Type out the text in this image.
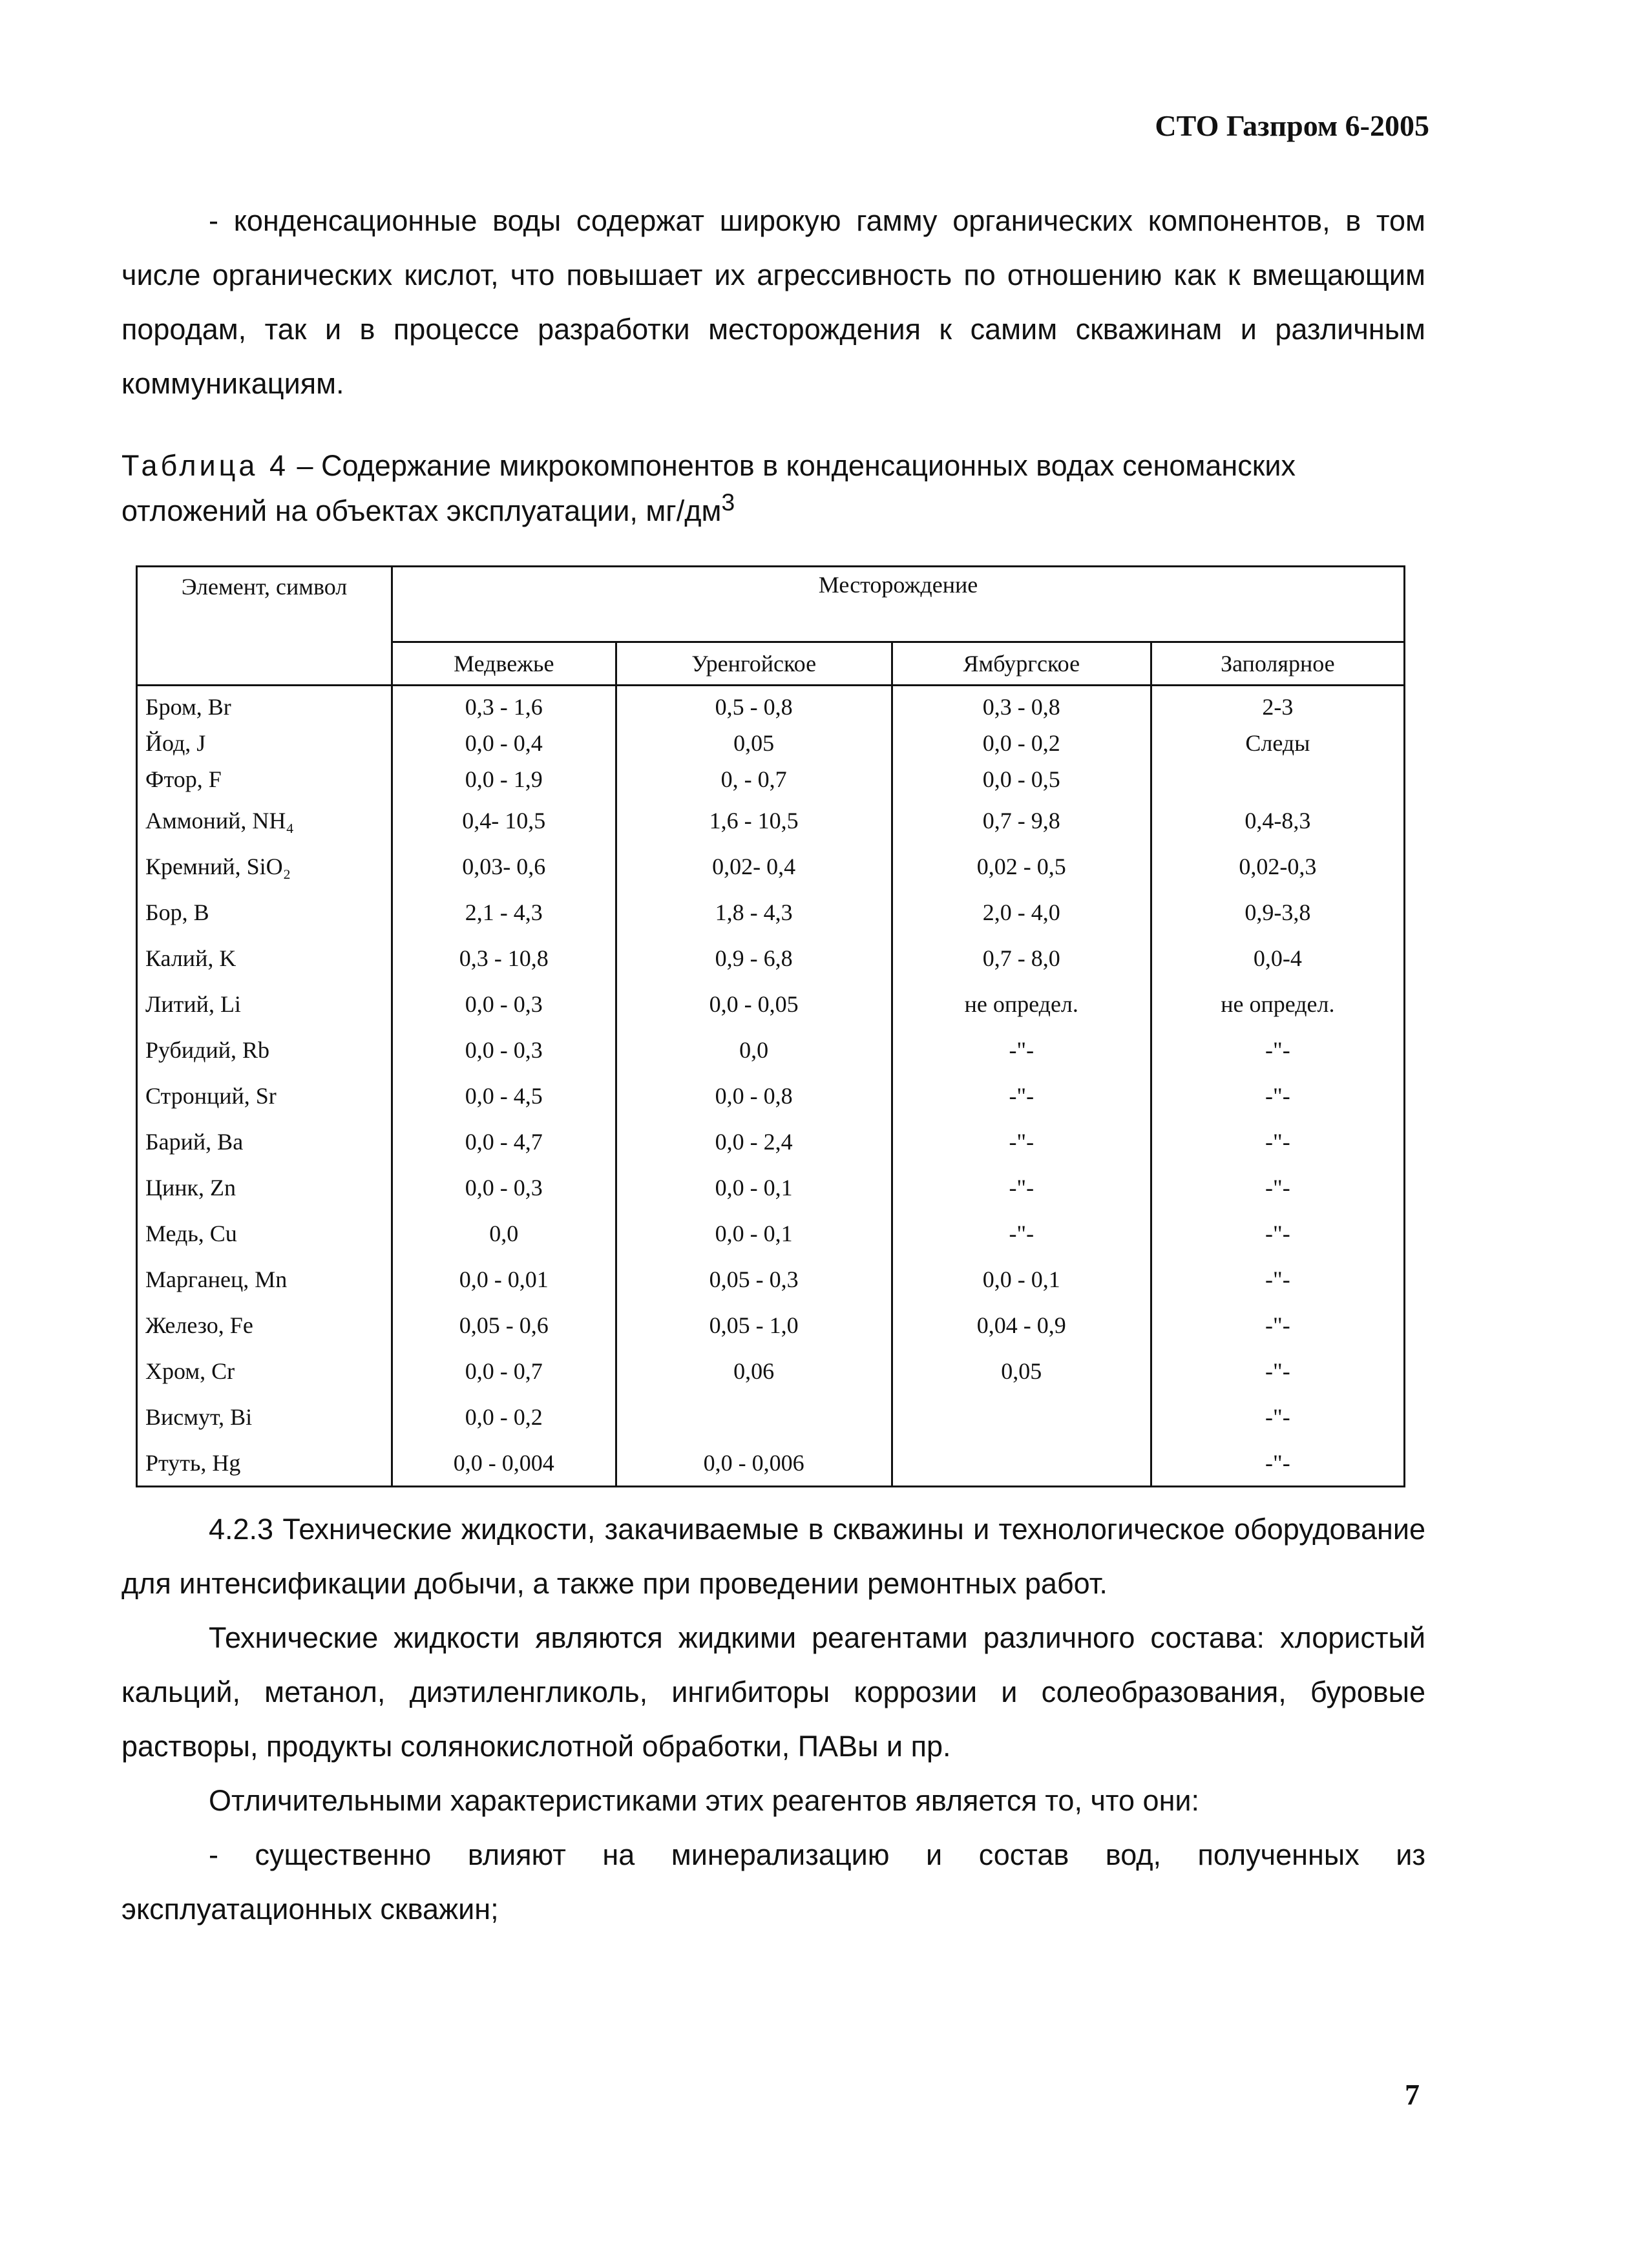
СТО Газпром 6-2005

- конденсационные воды содержат широкую гамму органических компонентов, в том числе органических кислот, что повышает их агрессивность по отношению как к вмещающим породам, так и в процессе разработки месторождения к самим скважинам и различным коммуникациям.

Таблица 4 – Содержание микрокомпонентов в конденсационных водах сеноманских отложений на объектах эксплуатации, $мг/дм^3$

Элемент, символ	Месторождение			
	Медвежье	Уренгойское	Ямбургское	Заполярное
Бром, Br	0,3 - 1,6	0,5 - 0,8	0,3 - 0,8	2-3
Йод, J	0,0 - 0,4	0,05	0,0 - 0,2	Следы
Фтор, F	0,0 - 1,9	0, - 0,7	0,0 - 0,5	
Аммоний, NH₄	0,4- 10,5	1,6 - 10,5	0,7 - 9,8	0,4-8,3
Кремний, SiO₂	0,03- 0,6	0,02- 0,4	0,02 - 0,5	0,02-0,3
Бор, B	2,1 - 4,3	1,8 - 4,3	2,0 - 4,0	0,9-3,8
Калий, K	0,3 - 10,8	0,9 - 6,8	0,7 - 8,0	0,0-4
Литий, Li	0,0 - 0,3	0,0 - 0,05	не определ.	не определ.
Рубидий, Rb	0,0 - 0,3	0,0	-"-	-"-
Стронций, Sr	0,0 - 4,5	0,0 - 0,8	-"-	-"-
Барий, Ba	0,0 - 4,7	0,0 - 2,4	-"-	-"-
Цинк, Zn	0,0 - 0,3	0,0 - 0,1	-"-	-"-
Медь, Cu	0,0	0,0 - 0,1	-"-	-"-
Марганец, Mn	0,0 - 0,01	0,05 - 0,3	0,0 - 0,1	-"-
Железо, Fe	0,05 - 0,6	0,05 - 1,0	0,04 - 0,9	-"-
Хром, Cr	0,0 - 0,7	0,06	0,05	-"-
Висмут, Bi	0,0 - 0,2			-"-
Ртуть, Hg	0,0 - 0,004	0,0 - 0,006		-"-

4.2.3 Технические жидкости, закачиваемые в скважины и технологическое оборудование для интенсификации добычи, а также при проведении ремонтных работ.

Технические жидкости являются жидкими реагентами различного состава: хлористый кальций, метанол, диэтиленгликоль, ингибиторы коррозии и солеобразования, буровые растворы, продукты солянокислотной обработки, ПАВы и пр.

Отличительными характеристиками этих реагентов является то, что они:

- существенно влияют на минерализацию и состав вод, полученных из эксплуатационных скважин;

7
